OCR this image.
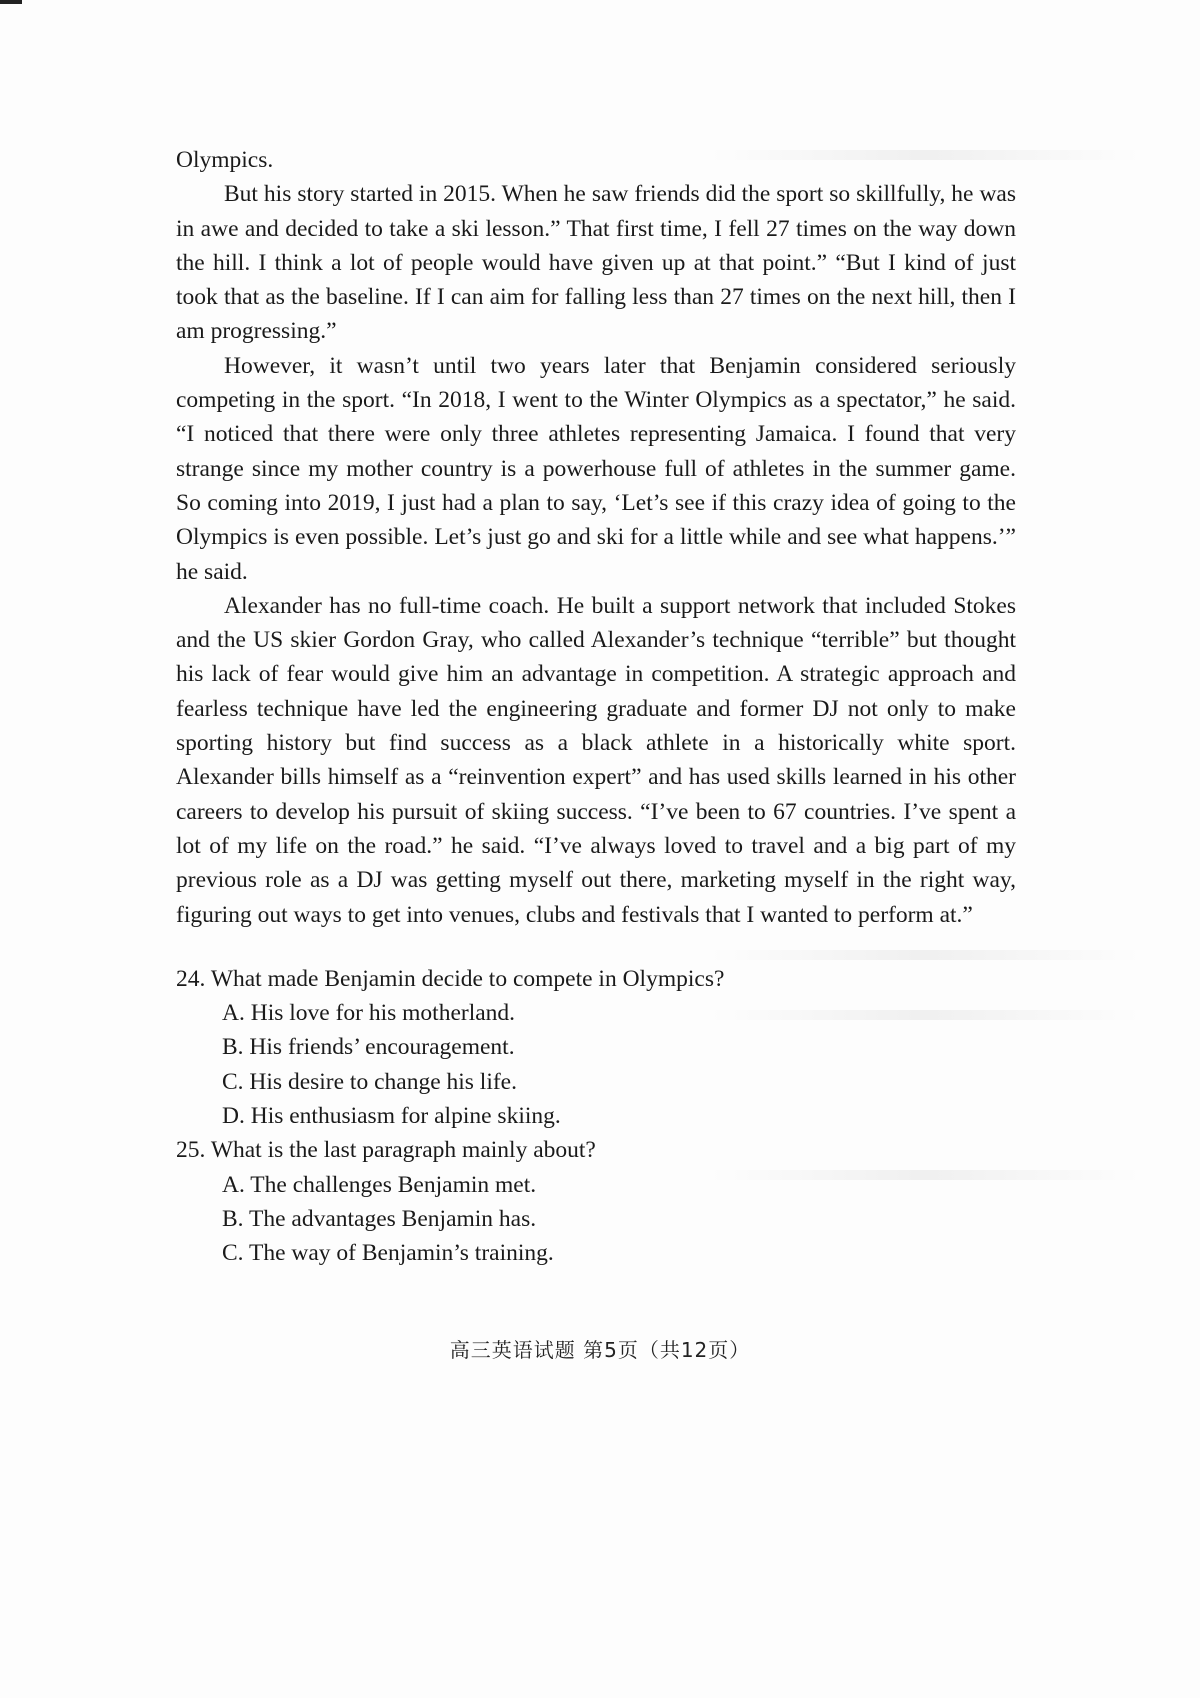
Olympics.

But his story started in 2015. When he saw friends did the sport so skillfully, he was in awe and decided to take a ski lesson.” That first time, I fell 27 times on the way down the hill. I think a lot of people would have given up at that point.” “But I kind of just took that as the baseline. If I can aim for falling less than 27 times on the next hill, then I am progressing.”

However, it wasn’t until two years later that Benjamin considered seriously competing in the sport. “In 2018, I went to the Winter Olympics as a spectator,” he said. “I noticed that there were only three athletes representing Jamaica. I found that very strange since my mother country is a powerhouse full of athletes in the summer game. So coming into 2019, I just had a plan to say, ‘Let’s see if this crazy idea of going to the Olympics is even possible. Let’s just go and ski for a little while and see what happens.’” he said.

Alexander has no full-time coach. He built a support network that included Stokes and the US skier Gordon Gray, who called Alexander’s technique “terrible” but thought his lack of fear would give him an advantage in competition. A strategic approach and fearless technique have led the engineering graduate and former DJ not only to make sporting history but find success as a black athlete in a historically white sport. Alexander bills himself as a “reinvention expert” and has used skills learned in his other careers to develop his pursuit of skiing success. “I’ve been to 67 countries. I’ve spent a lot of my life on the road.” he said. “I’ve always loved to travel and a big part of my previous role as a DJ was getting myself out there, marketing myself in the right way, figuring out ways to get into venues, clubs and festivals that I wanted to perform at.”

24. What made Benjamin decide to compete in Olympics?

A. His love for his motherland.

B. His friends’ encouragement.

C. His desire to change his life.

D. His enthusiasm for alpine skiing.

25. What is the last paragraph mainly about?

A. The challenges Benjamin met.

B. The advantages Benjamin has.

C. The way of Benjamin’s training.

高三英语试题 第5页（共12页）
